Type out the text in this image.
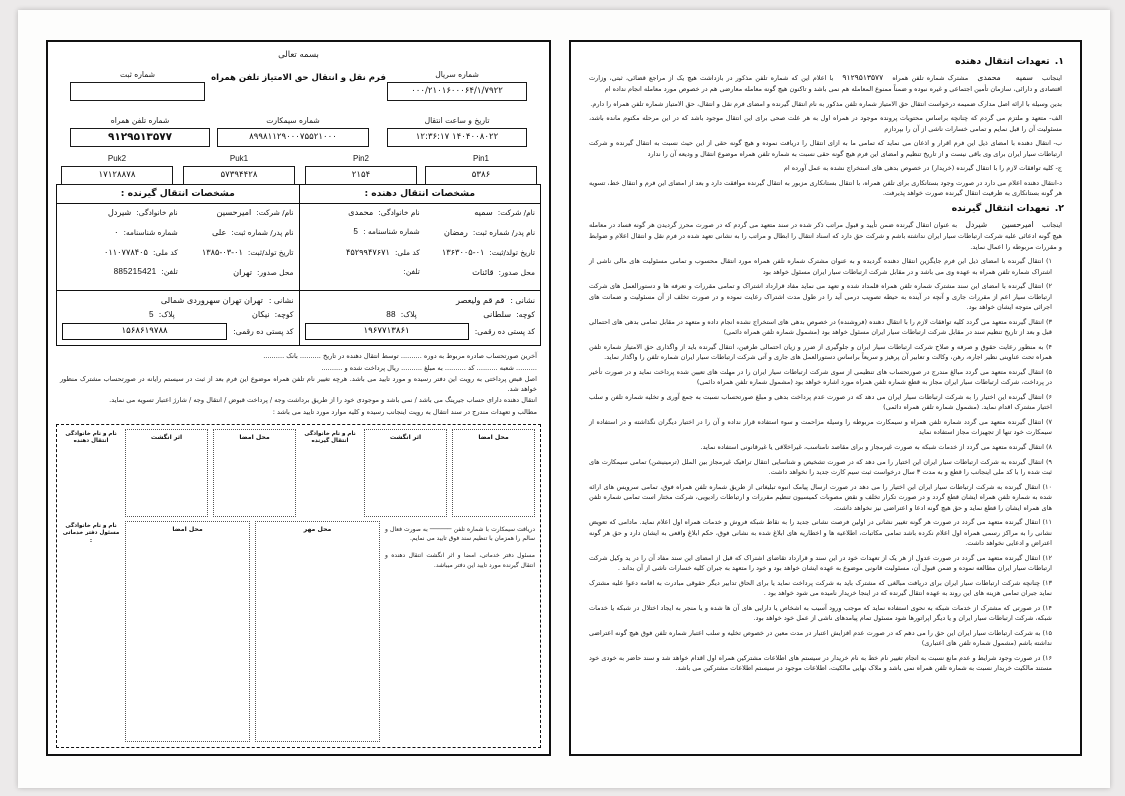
بسمه تعالی
فرم نقل و انتقال حق الامتیاز تلفن همراه
شماره ثبت	شماره سریال
۰۰۰/۲۱۰۱۶۰۰۰۶۴/۱/۷۹۲۲
شماره تلفن همراه
۹۱۲۹۵۱۳۵۷۷
شماره سیمکارت
۸۹۹۸۱۱۲۹۰۰۰۷۵۵۲۱۰۰۰
تاریخ و ساعت انتقال
۱۴۰۴۰۰۸۰۲۲ ۱۲:۳۶:۱۷
Pin1
۵۳۸۶
Pin2
۲۱۵۴
Puk1
۵۷۳۹۴۴۲۸
Puk2
۱۷۱۲۸۸۷۸
مشخصات انتقال دهنده :
نام/ شرکت:
سمیه
نام خانوادگی:
محمدی
نام پدر/ شماره ثبت:
رمضان
شماره شناسنامه :
5
تاریخ تولد/ثبت:
۱۳۶۳۰۰۵-۰۱
کد ملی:
۴۵۲۹۹۴۷۶۷۱
محل صدور:
قائنات
تلفن:
نشانی :
قم قم ولیعصر
کوچه:
سلطانی
پلاک:
88
کد پستی ده رقمی:
۱۹۶۷۷۱۳۸۶۱
مشخصات انتقال گیرنده :
نام/ شرکت:
امیرحسین
نام خانوادگی:
شیردل
نام پدر/ شماره ثبت:
علی
شماره شناسنامه:
۰
تاریخ تولد/ثبت:
۱۳۸۵-۰۳-۰۱
کد ملی:
۰۱۱۰۷۷۸۴۰۵
محل صدور:
تهران
تلفن:
885215421
نشانی :
تهران تهران سهروردی شمالی
کوچه:
نیکان
پلاک:
5
کد پستی ده رقمی:
۱۵۶۸۶۱۹۷۸۸
آخرین صورتحساب صادره مربوط به دوره .......... توسط انتقال دهنده در تاریخ .......... بانک ..........
.......... شعبه .......... کد .......... به مبلغ .......... ریال پرداخت شده و ..........
اصل قبض پرداختی به رویت این دفتر رسیده و مورد تایید می باشد. هرچه تغییر نام تلفن همراه موضوع این فرم بعد از ثبت در سیستم رایانه در صورتحساب مشترک منظور خواهد شد.
انتقال دهنده دارای حساب جیرینگ می باشد / نمی باشد و موجودی خود را از طریق برداشت وجه / پرداخت قبوض / انتقال وجه / شارژ اعتبار تسویه می نماید.
مطالب و تعهدات مندرج در سند انتقال به رویت اینجانب رسیده و کلیه موارد مورد تایید می باشد :
محل امضا
اثر انگشت
نام و نام خانوادگی انتقال گیرنده
محل امضا
اثر انگشت
نام و نام خانوادگی انتقال دهنده

دریافت سیمکارت با شماره تلفن ────── به صورت فعال و سالم را همزمان با تنظیم سند فوق تایید می نمایم.

مسئول دفتر خدماتی، امضا و اثر انگشت انتقال دهنده و انتقال گیرنده مورد تایید این دفتر میباشد.

محل مهر
محل امضا
نام و نام خانوادگی مسئول دفتر خدماتی :
۱.تعهدات انتقال دهنده
اینجانب سمیه محمدی مشترک شماره تلفن همراه ۹۱۲۹۵۱۳۵۷۷ با اعلام این که شماره تلفن مذکور در بازداشت هیچ یک از مراجع قضائی، ثبتی، وزارت اقتصادی و دارائی، سازمان تأمین اجتماعی و غیره نبوده و ضمناً ممنوع المعامله هم نمی باشد و تاکنون هیچ گونه معامله معارضی هم در خصوص مورد معامله انجام نداده ام
بدین وسیله با ارائه اصل مدارک ضمیمه درخواست انتقال حق الامتیاز شماره تلفن مذکور به نام انتقال گیرنده و امضای فرم نقل و انتقال، حق الامتیاز شماره تلفن همراه را دارم.
الف- متعهد و ملتزم می گردم که چنانچه براساس محتویات پرونده موجود در همراه اول به هر علت صحی برای این انتقال موجود باشد که در این مرحله مکتوم مانده باشد، مسئولیت آن را قبل نمایم و تمامی خسارات ناشی از آن را بپردازم
ب- انتقال دهنده با امضای ذیل این فرم اقرار و اذعان می نماید که تمامی ما به ازای انتقال را دریافت نموده و هیچ گونه حقی از این حیث نسبت به انتقال گیرنده و شرکت ارتباطات سیار ایران برای وی باقی نیست و از تاریخ تنظیم و امضای این فرم هیچ گونه حقی نسبت به شماره تلفن همراه موضوع انتقال و ودیعه آن را ندارد
ج- کلیه توافقات لازم را با انتقال گیرنده (خریدار) در خصوص بدهی های استخراج نشده به عمل آورده ام
د-انتقال دهنده اعلام می دارد در صورت وجود بستانکاری برای تلفن همراه، با انتقال بستانکاری مزبور به انتقال گیرنده موافقت دارد و بعد از امضای این فرم و انتقال خط، تسویه هر گونه بستانکاری به ظرفیت انتقال گیرنده صورت خواهد پذیرفت.
۲.تعهدات انتقال گیرنده
اینجانب امیرحسین شیردل به عنوان انتقال گیرنده ضمن تأیید و قبول مراتب ذکر شده در سند متعهد می گردم که در صورت محرز گردیدن هر گونه فساد در معامله هیچ گونه ادعائی علیه شرکت ارتباطات سیار ایران نداشته باشم و شرکت حق دارد که اسناد انتقال را ابطال و مراتب را به نشانی تعهد شده در فرم نقل و انتقال اعلام و ضوابط و مقررات مربوطه را اعمال نماید.
۱) انتقال گیرنده با امضای ذیل این فرم جایگزین انتقال دهنده گردیده و به عنوان مشترک شماره تلفن همراه مورد انتقال محسوب و تمامی مسئولیت های مالی ناشی از اشتراک شماره تلفن همراه به عهده وی می باشد و در مقابل شرکت ارتباطات سیار ایران مسئول خواهد بود
۲) انتقال گیرنده با امضای این سند مشترک شماره تلفن همراه قلمداد شده و تعهد می نماید مفاد قرارداد اشتراک و تمامی مقررات و تعرفه ها و دستورالعمل های شرکت ارتباطات سیار اعم از مقررات جاری و آنچه در آینده به حیطه تصویب درمی آید را در طول مدت اشتراک رعایت نموده و در صورت تخلف از آن مسئولیت و ضمانت های اجرائی متوجه ایشان خواهد بود.
۳) انتقال گیرنده متعهد می گردد کلیه توافقات لازم را با انتقال دهنده (فروشنده) در خصوص بدهی های استخراج نشده انجام داده و متعهد در مقابل تمامی بدهی های احتمالی قبل و بعد از تاریخ تنظیم سند در مقابل شرکت ارتباطات سیار ایران مسئول خواهد بود (مشمول شماره تلفن همراه دائمی)
۴) به منظور رعایت حقوق و صرفه و صلاح شرکت ارتباطات سیار ایران و جلوگیری از ضرر و زیان احتمالی طرفین، انتقال گیرنده باید از واگذاری حق الامتیاز شماره تلفن همراه تحت عناوینی نظیر اجاره، رهن، وکالت و تعابیر آن پرهیز و سریعاً براساس دستورالعمل های جاری و آتی شرکت ارتباطات سیار ایران شماره تلفن را واگذار نماید.
۵) انتقال گیرنده متعهد می گردد مبالغ مندرج در صورتحساب های تنظیمی از سوی شرکت ارتباطات سیار ایران را در مهلت های تعیین شده پرداخت نماید و در صورت تأخیر در پرداخت، شرکت ارتباطات سیار ایران مجاز به قطع شماره تلفن همراه مورد اشاره خواهد بود (مشمول شماره تلفن همراه دائمی)
۶) انتقال گیرنده این اختیار را به شرکت ارتباطات سیار ایران می دهد که در صورت عدم پرداخت بدهی و مبلغ صورتحساب نسبت به جمع آوری و تخلیه شماره تلفن و سلب اختیار مشترک اقدام نماید. (مشمول شماره تلفن همراه دائمی)
۷) انتقال گیرنده متعهد می گردد شماره تلفن همراه و سیمکارت مربوطه را وسیله مزاحمت و سوء استفاده قرار نداده و آن را در اختیار دیگران نگذاشته و در استفاده از سیمکارت خود تنها از تجهیزات مجاز استفاده نماید
۸) انتقال گیرنده متعهد می گردد از خدمات شبکه به صورت غیرمجاز و برای مقاصد نامناسب، غیراخلاقی یا غیرقانونی استفاده نماید.
۹) انتقال گیرنده به شرکت ارتباطات سیار ایران این اختیار را می دهد که در صورت تشخیص و شناسایی انتقال ترافیک غیرمجاز بین الملل (ترمینیشن) تمامی سیمکارت های ثبت شده را با کد ملی اینجانب را قطع و به مدت ۳ سال درخواست ثبت سیم کارت جدید را نخواهد داشت.
۱۰) انتقال گیرنده به شرکت ارتباطات سیار ایران این اختیار را می دهد در صورت ارسال پیامک انبوه تبلیغاتی از طریق شماره تلفن همراه فوق، تمامی سرویس های ارائه شده به شماره تلفن همراه ایشان قطع گردد و در صورت تکرار تخلف و نقض مصوبات کمیسیون تنظیم مقررات و ارتباطات رادیویی، شرکت مختار است تمامی شماره تلفن های همراه ایشان را قطع نماید و حق هیچ گونه ادعا و اعتراضی نیز نخواهد داشت.
۱۱) انتقال گیرنده متعهد می گردد در صورت هر گونه تغییر نشانی در اولین فرصت نشانی جدید را به نقاط شبکه فروش و خدمات همراه اول اعلام نماید. مادامی که تعویض نشانی را به مراکز رسمی همراه اول اعلام نکرده باشد تمامی مکاتبات، اطلاعیه ها و اخطاریه های ابلاغ شده به نشانی فوق، حکم ابلاغ واقعی به ایشان دارد و حق هر گونه اعتراض و ادعایی نخواهد داشت.
۱۲) انتقال گیرنده متعهد می گردد در صورت عدول از هر یک از تعهدات خود در این سند و قرارداد تقاضای اشتراک که قبل از امضای این سند مفاد آن را در ید وکیل شرکت ارتباطات سیار ایران مطالعه نموده و ضمن قبول آن، مسئولیت قانونی موضوع به عهده ایشان خواهد بود و خود را متعهد به جبران کلیه خسارات ناشی از آن بداند .
۱۳) چنانچه شرکت ارتباطات سیار ایران برای دریافت مبالغی که مشترک باید به شرکت پرداخت نماید یا برای الحاق تدابیر دیگر حقوقی مبادرت به اقامه دعوا علیه مشترک نماید جبران تمامی هزینه های این روند به عهده انتقال گیرنده که در اینجا خریدار نامیده می شود خواهد بود .
۱۴) در صورتی که مشترک از خدمات شبکه به نحوی استفاده نماید که موجب ورود آسیب به اشخاص یا دارایی های آن ها شده و یا منجر به ایجاد اختلال در شبکه یا خدمات شبکه، شرکت ارتباطات سیار ایران و یا دیگر اپراتورها شود مسئول تمام پیامدهای ناشی از عمل خود خواهد بود.
۱۵) به شرکت ارتباطات سیار ایران این حق را می دهم که در صورت عدم افزایش اعتبار در مدت معین در خصوص تخلیه و سلب اعتبار شماره تلفن فوق هیچ گونه اعتراضی نداشته باشم (مشمول شماره تلفن های اعتباری)
۱۶) در صورت وجود شرایط و عدم مانع نسبت به انجام تغییر نام خط به نام خریدار در سیستم های اطلاعات مشترکین همراه اول اقدام خواهد شد و سند حاضر به خودی خود مستند مالکیت خریدار نسبت به شماره تلفن همراه نمی باشد و ملاک نهایی مالکیت، اطلاعات موجود در سیستم اطلاعات مشترکین می باشد.
